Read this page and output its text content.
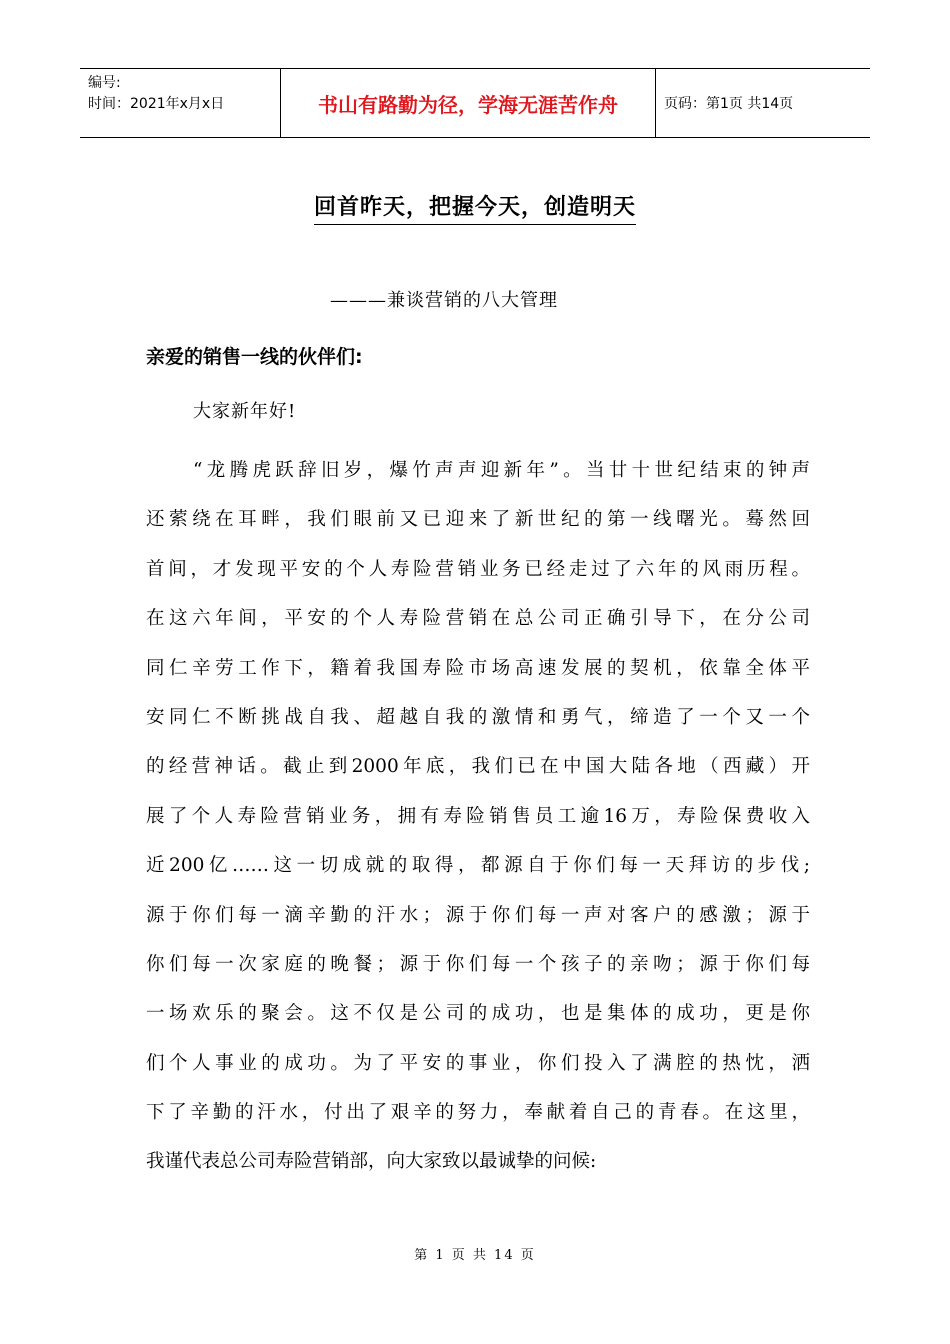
编号:
时间：2021年x月x日	书山有路勤为径，学海无涯苦作舟	页码：第1页 共14页
回首昨天，把握今天，创造明天
———兼谈营销的八大管理
亲爱的销售一线的伙伴们:
大家新年好!
“龙腾虎跃辞旧岁，爆竹声声迎新年”。当廿十世纪结束的钟声
还萦绕在耳畔，我们眼前又已迎来了新世纪的第一线曙光。蓦然回
首间，才发现平安的个人寿险营销业务已经走过了六年的风雨历程。
在这六年间，平安的个人寿险营销在总公司正确引导下，在分公司
同仁辛劳工作下，籍着我国寿险市场高速发展的契机，依靠全体平
安同仁不断挑战自我、超越自我的激情和勇气，缔造了一个又一个
的经营神话。截止到2000年底，我们已在中国大陆各地（西藏）开
展了个人寿险营销业务，拥有寿险销售员工逾16万，寿险保费收入
近200亿……这一切成就的取得，都源自于你们每一天拜访的步伐;
源于你们每一滴辛勤的汗水；源于你们每一声对客户的感激；源于
你们每一次家庭的晚餐；源于你们每一个孩子的亲吻；源于你们每
一场欢乐的聚会。这不仅是公司的成功，也是集体的成功，更是你
们个人事业的成功。为了平安的事业，你们投入了满腔的热忱，洒
下了辛勤的汗水，付出了艰辛的努力，奉献着自己的青春。在这里，
我谨代表总公司寿险营销部，向大家致以最诚挚的问候:
第 1 页 共 14 页
